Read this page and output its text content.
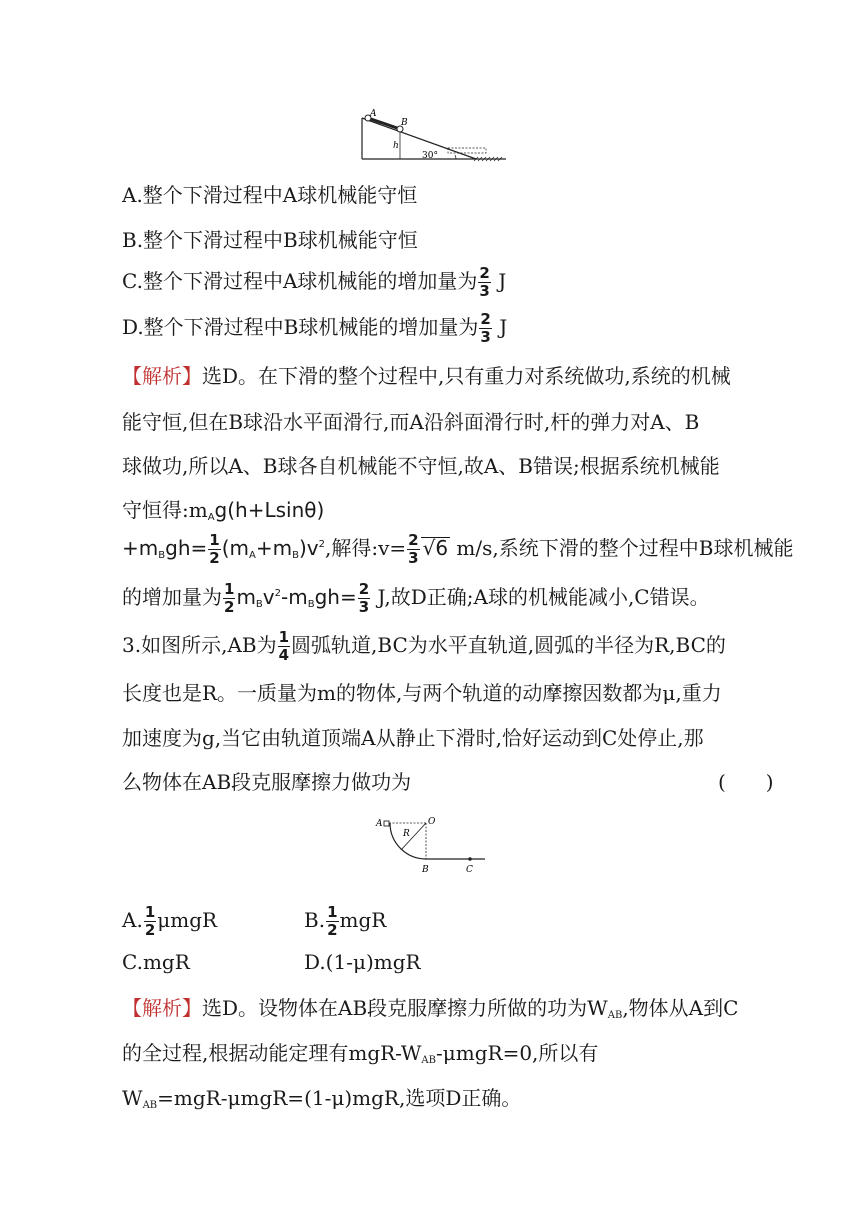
A
B
h
30°
A.整个下滑过程中A球机械能守恒
B.整个下滑过程中B球机械能守恒
C.整个下滑过程中A球机械能的增加量为 $\frac{2}{3}$ J
D.整个下滑过程中B球机械能的增加量为 $\frac{2}{3}$ J
【解析】选D。在下滑的整个过程中,只有重力对系统做功,系统的机械
能守恒,但在B球沿水平面滑行,而A沿斜面滑行时,杆的弹力对A、B
球做功,所以A、B球各自机械能不守恒,故A、B错误;根据系统机械能
守恒得$:m_Ag(h+Lsin\theta)$
$+m_Bgh= \frac{1}{2} (m_A+m_B)v^2$,解得:v= $\frac{2}{3} √6$ m/s,系统下滑的整个过程中B球机械能
的增加量为 $\frac{1}{2} m_Bv^2-m_Bgh= \frac{2}{3} J$,故D正确;A球的机械能减小,C错误。
3.如图所示,AB为 $\frac{1}{4}$ 圆弧轨道,BC为水平直轨道,圆弧的半径为R,BC的
长度也是R。一质量为m的物体,与两个轨道的动摩擦因数都为μ,重力
加速度为g,当它由轨道顶端A从静止下滑时,恰好运动到C处停止,那
么物体在AB段克服摩擦力做功为	(　　)
A	O
R
B	C
A. $\frac{1}{2}$ μmgR	B. $\frac{1}{2}$ mgR
C.mgR	D.(1-μ)mgR
【解析】选D。设物体在AB段克服摩擦力所做的功为$W_{AB}$,物体从A到C
的全过程,根据动能定理有mgR-$W_{AB}-\mu mgR=0$,所以有
$W_{AB}=mgR-\mu mgR=(1-\mu)mgR$,选项D正确。
